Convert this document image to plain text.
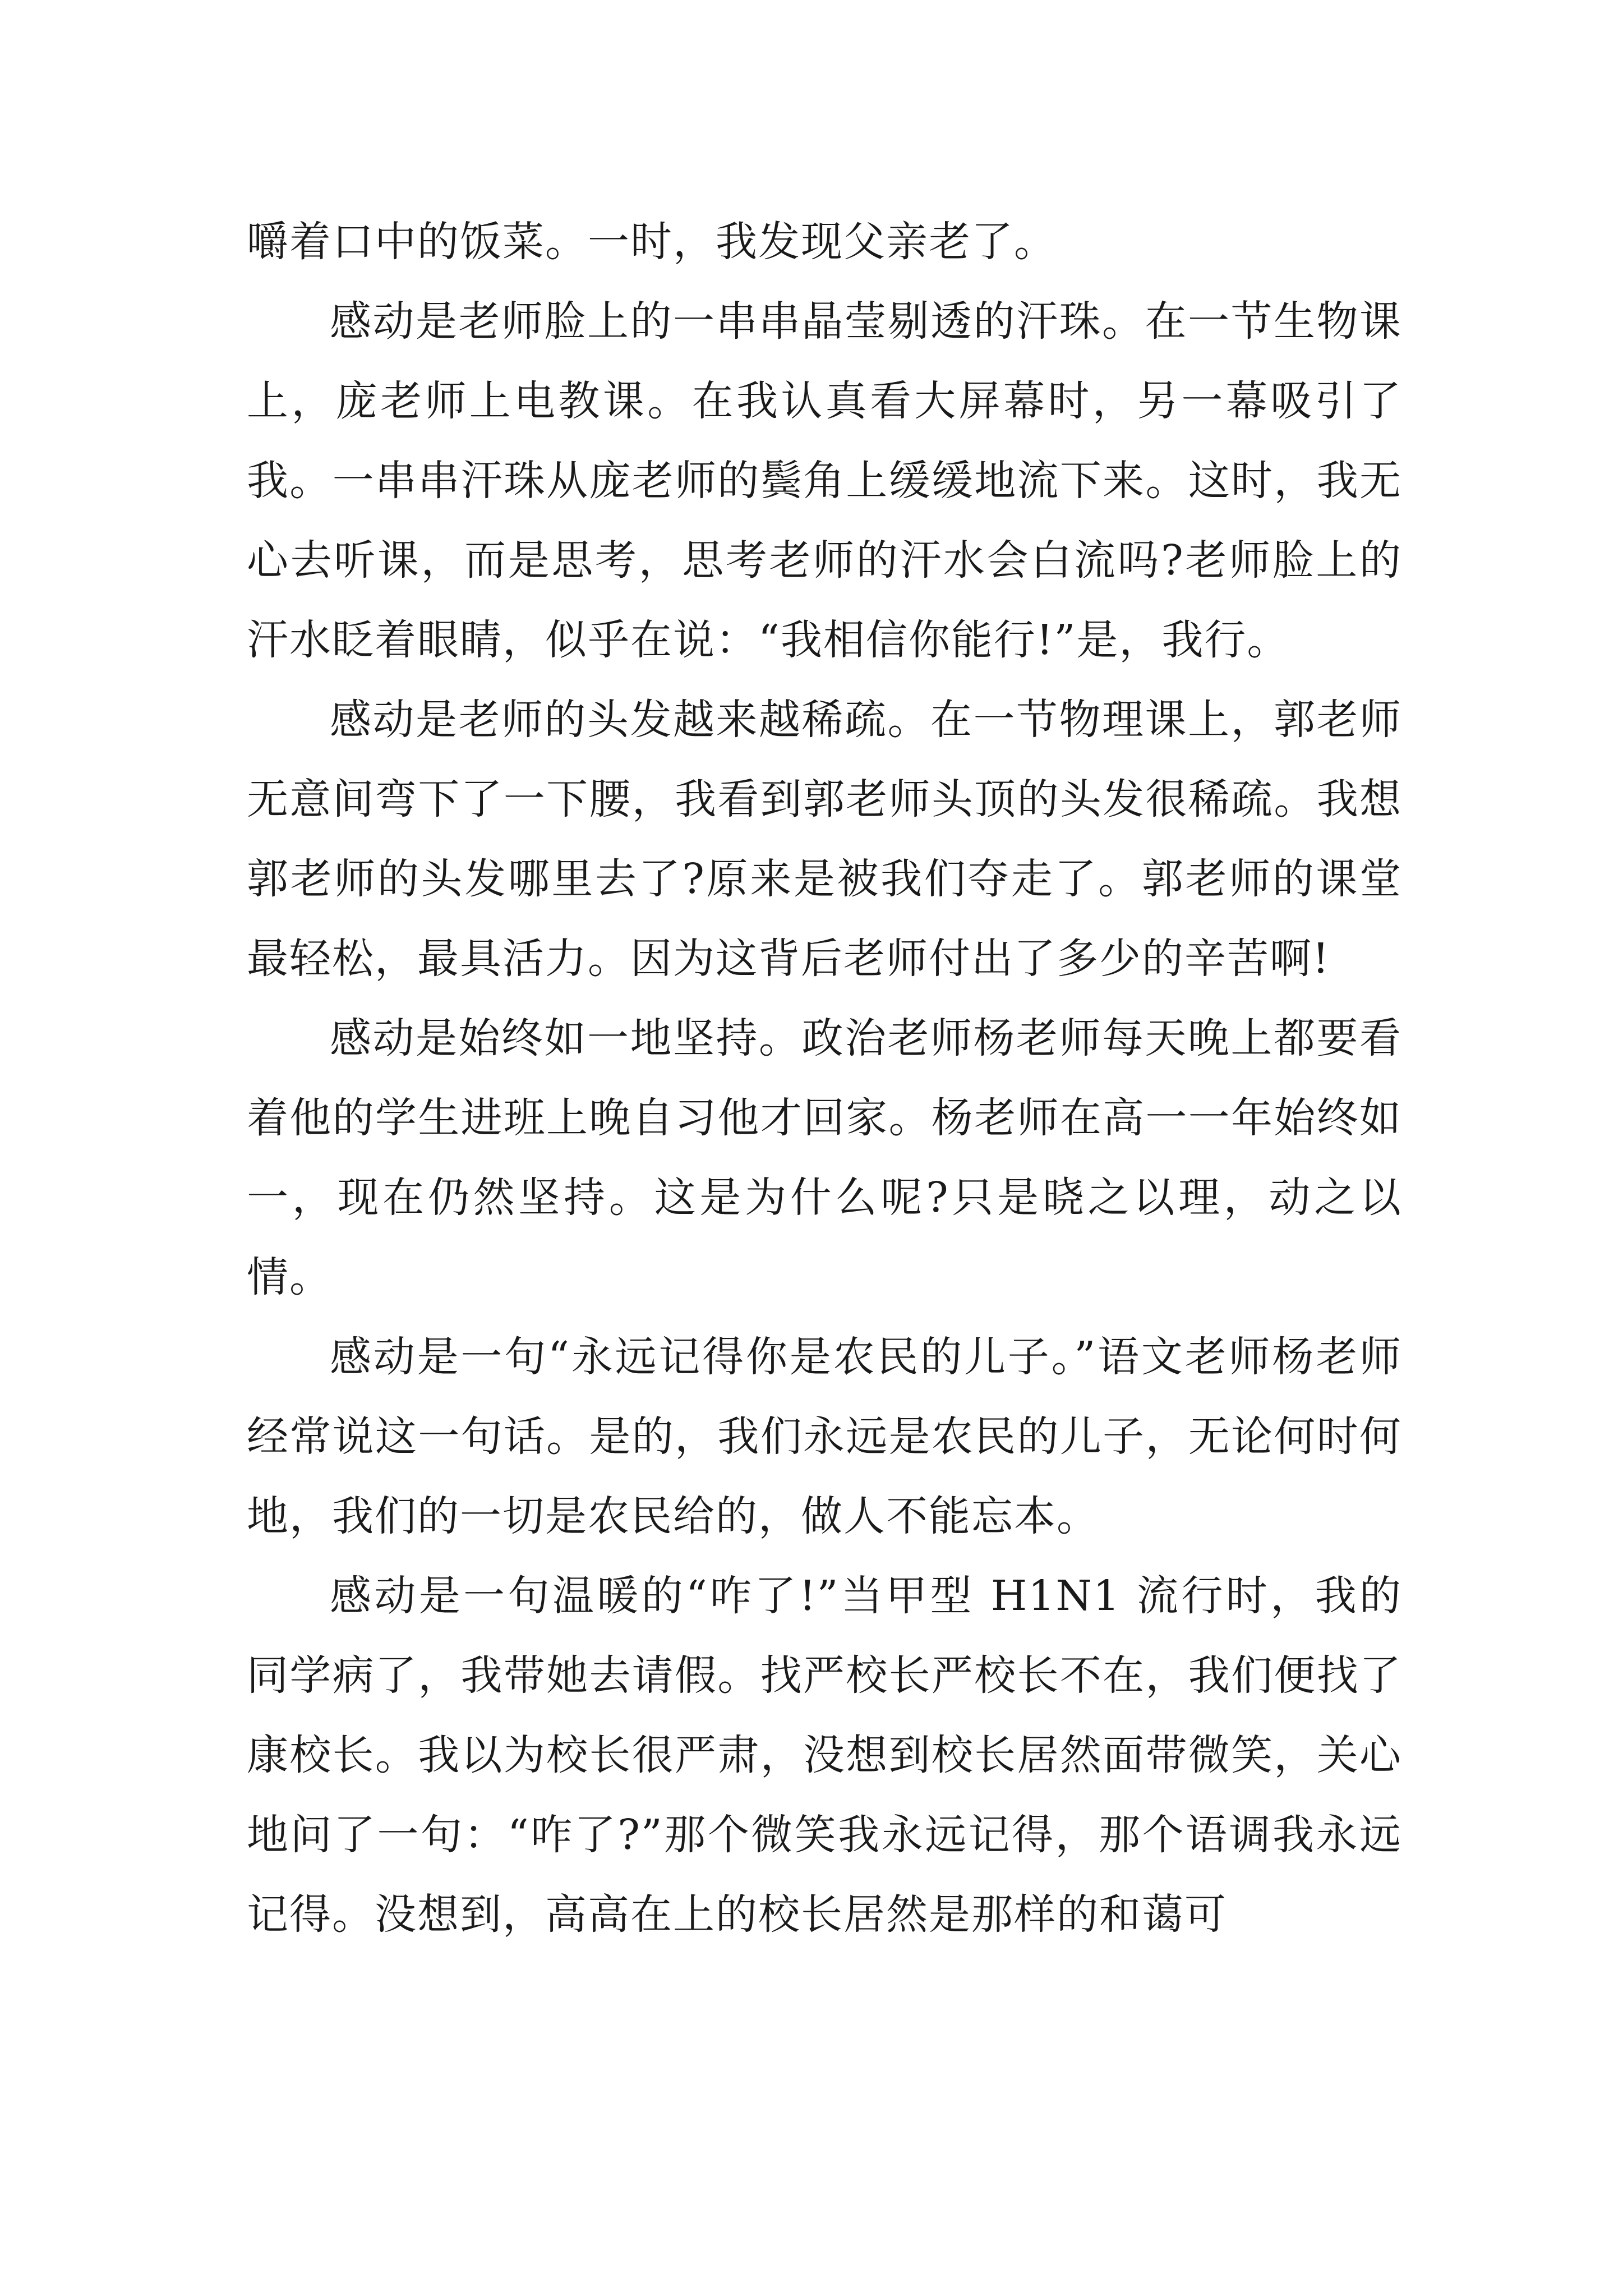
嚼着口中的饭菜。一时，我发现父亲老了。

感动是老师脸上的一串串晶莹剔透的汗珠。在一节生物课上，庞老师上电教课。在我认真看大屏幕时，另一幕吸引了我。一串串汗珠从庞老师的鬓角上缓缓地流下来。这时，我无心去听课，而是思考，思考老师的汗水会白流吗?老师脸上的汗水眨着眼睛，似乎在说：“我相信你能行!”是，我行。

感动是老师的头发越来越稀疏。在一节物理课上，郭老师无意间弯下了一下腰，我看到郭老师头顶的头发很稀疏。我想郭老师的头发哪里去了?原来是被我们夺走了。郭老师的课堂最轻松，最具活力。因为这背后老师付出了多少的辛苦啊!

感动是始终如一地坚持。政治老师杨老师每天晚上都要看着他的学生进班上晚自习他才回家。杨老师在高一一年始终如一，现在仍然坚持。这是为什么呢?只是晓之以理，动之以情。

感动是一句“永远记得你是农民的儿子。”语文老师杨老师经常说这一句话。是的，我们永远是农民的儿子，无论何时何地，我们的一切是农民给的，做人不能忘本。

感动是一句温暖的“咋了!”当甲型 H1N1 流行时，我的同学病了，我带她去请假。找严校长严校长不在，我们便找了康校长。我以为校长很严肃，没想到校长居然面带微笑，关心地问了一句：“咋了?”那个微笑我永远记得，那个语调我永远记得。没想到，高高在上的校长居然是那样的和蔼可
